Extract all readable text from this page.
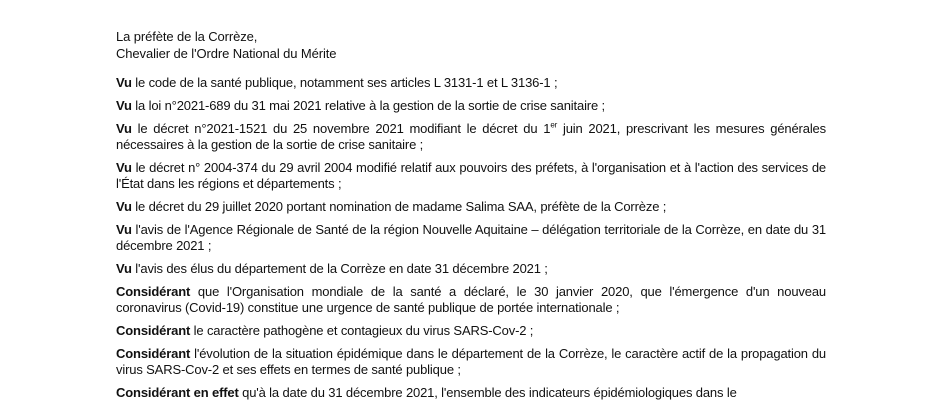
La préfète de la Corrèze,
Chevalier de l'Ordre National du Mérite

Vu le code de la santé publique, notamment ses articles L 3131-1 et L 3136-1 ;

Vu la loi n°2021-689 du 31 mai 2021 relative à la gestion de la sortie de crise sanitaire ;

Vu le décret n°2021-1521 du 25 novembre 2021 modifiant le décret du 1er juin 2021, prescrivant les mesures générales nécessaires à la gestion de la sortie de crise sanitaire ;

Vu le décret n° 2004-374 du 29 avril 2004 modifié relatif aux pouvoirs des préfets, à l'organisation et à l'action des services de l'État dans les régions et départements ;

Vu le décret du 29 juillet 2020 portant nomination de madame Salima SAA, préfète de la Corrèze ;

Vu l'avis de l'Agence Régionale de Santé de la région Nouvelle Aquitaine – délégation territoriale de la Corrèze, en date du 31 décembre 2021 ;

Vu l'avis des élus du département de la Corrèze en date 31 décembre 2021 ;

Considérant que l'Organisation mondiale de la santé a déclaré, le 30 janvier 2020, que l'émergence d'un nouveau coronavirus (Covid-19) constitue une urgence de santé publique de portée internationale ;

Considérant le caractère pathogène et contagieux du virus SARS-Cov-2 ;

Considérant l'évolution de la situation épidémique dans le département de la Corrèze, le caractère actif de la propagation du virus SARS-Cov-2 et ses effets en termes de santé publique ;

Considérant en effet qu'à la date du 31 décembre 2021, l'ensemble des indicateurs épidémiologiques dans le
